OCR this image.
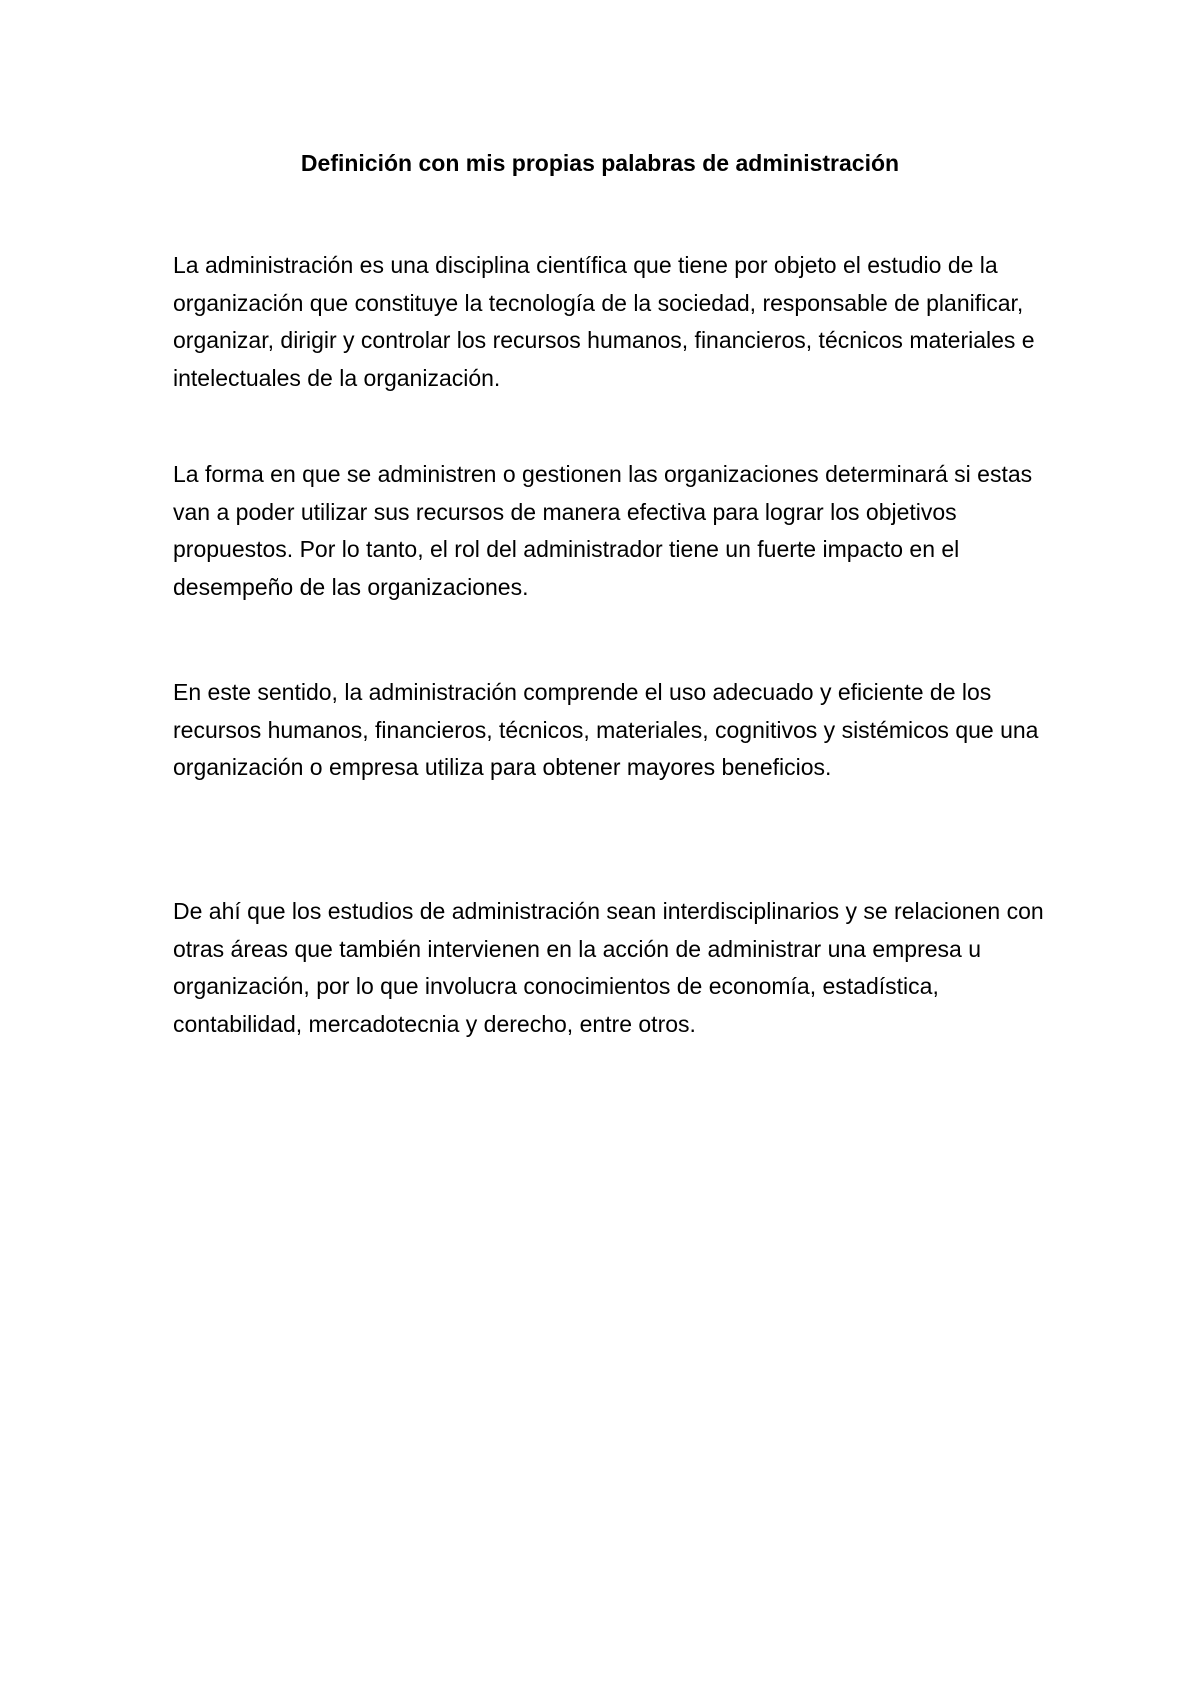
Definición con mis propias palabras de administración

La administración es una disciplina científica que tiene por objeto el estudio de la organización que constituye la tecnología de la sociedad, responsable de planificar, organizar, dirigir y controlar los recursos humanos, financieros, técnicos materiales e intelectuales de la organización.

La forma en que se administren o gestionen las organizaciones determinará si estas van a poder utilizar sus recursos de manera efectiva para lograr los objetivos propuestos. Por lo tanto, el rol del administrador tiene un fuerte impacto en el desempeño de las organizaciones.

En este sentido, la administración comprende el uso adecuado y eficiente de los recursos humanos, financieros, técnicos, materiales, cognitivos y sistémicos que una organización o empresa utiliza para obtener mayores beneficios.

De ahí que los estudios de administración sean interdisciplinarios y se relacionen con otras áreas que también intervienen en la acción de administrar una empresa u organización, por lo que involucra conocimientos de economía, estadística, contabilidad, mercadotecnia y derecho, entre otros.
